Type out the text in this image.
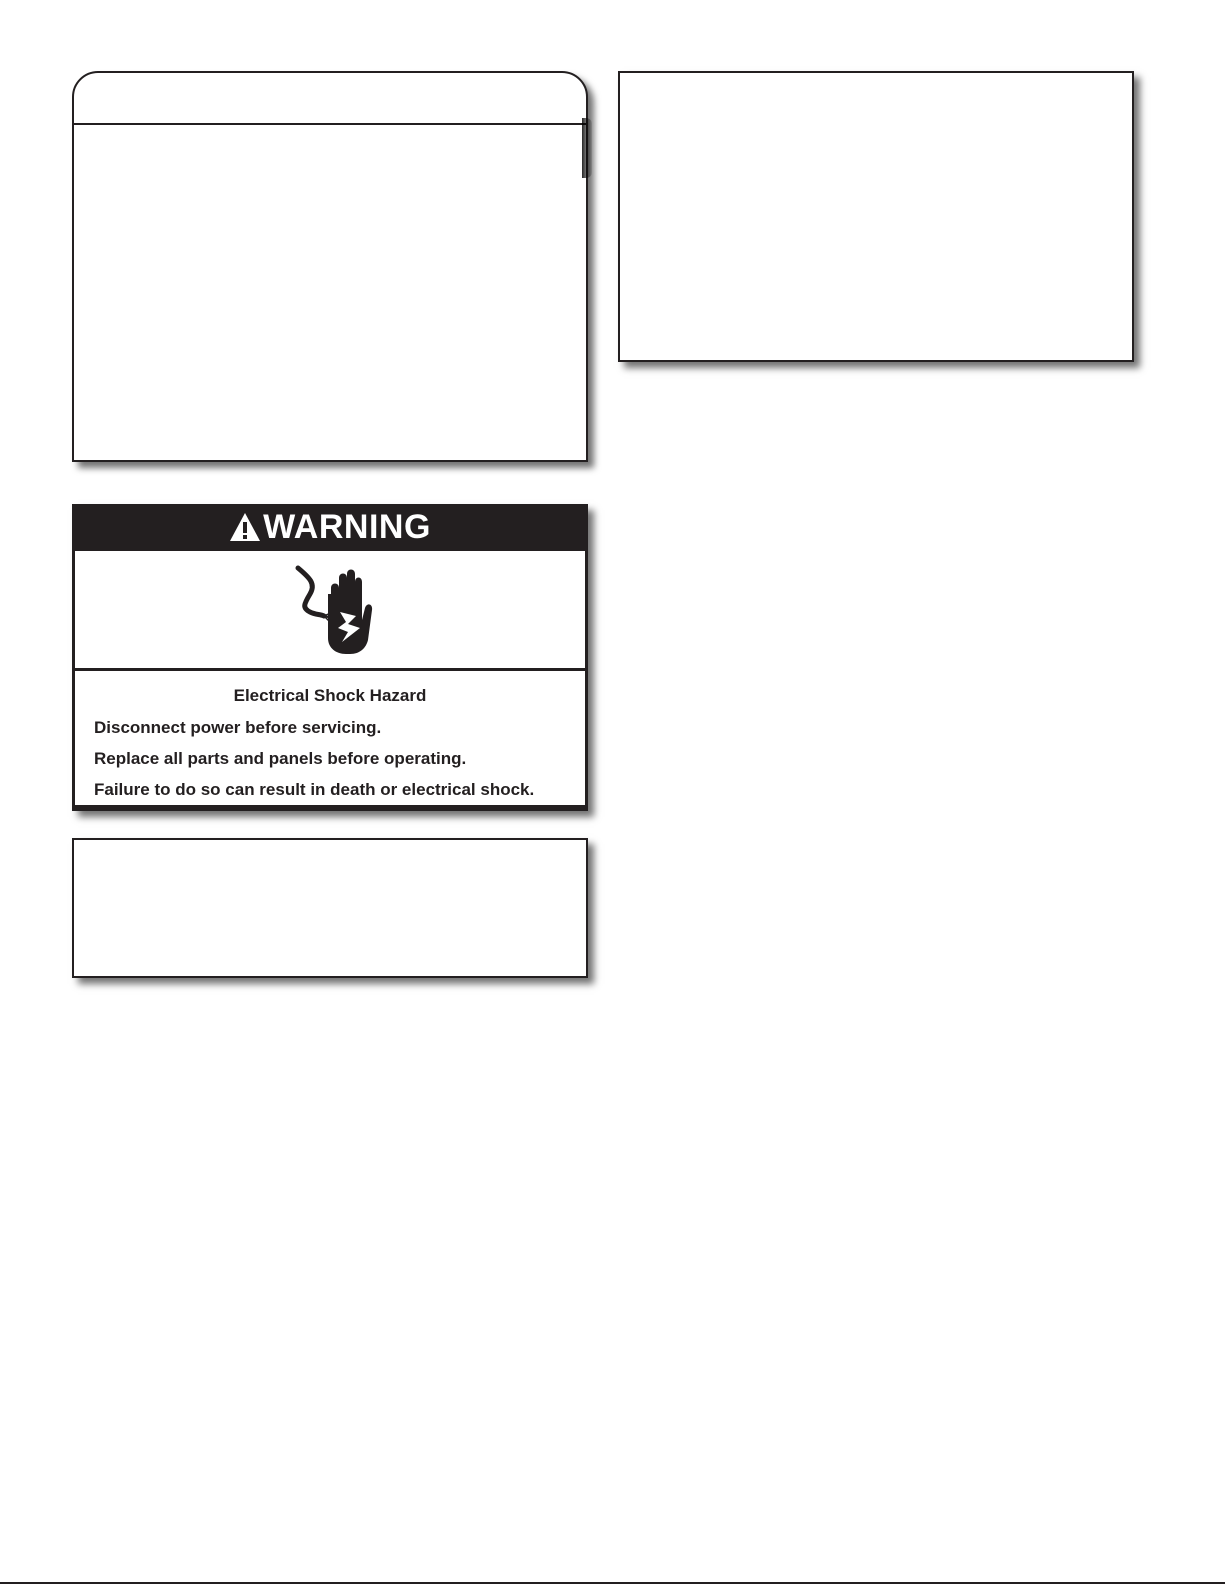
WARNING
Electrical Shock Hazard
Disconnect power before servicing.
Replace all parts and panels before operating.
Failure to do so can result in death or electrical shock.
